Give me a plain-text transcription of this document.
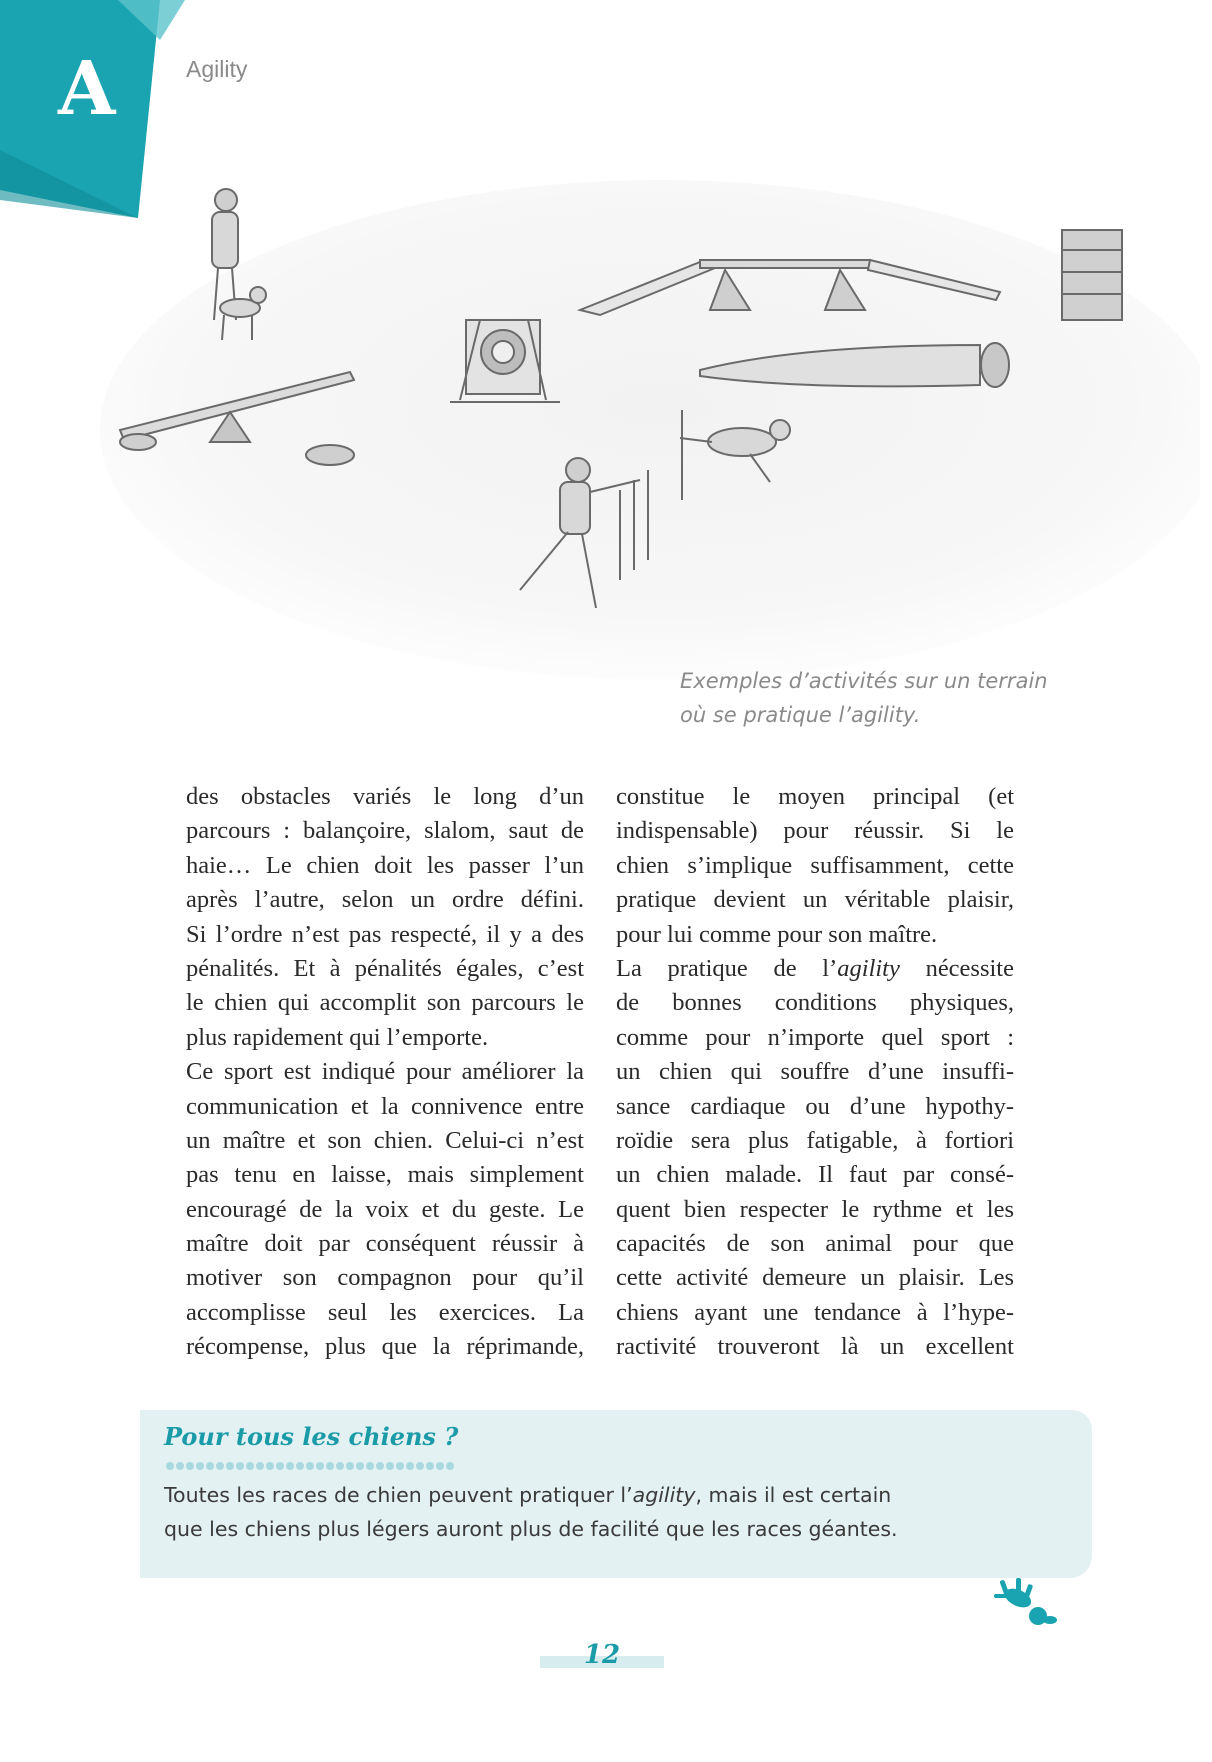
A	Agility
Exemples d’activités sur un terrain
où se pratique l’agility.
des obstacles variés le long d’un
parcours : balançoire, slalom, saut de
haie… Le chien doit les passer l’un
après l’autre, selon un ordre défini.
Si l’ordre n’est pas respecté, il y a des
pénalités. Et à pénalités égales, c’est
le chien qui accomplit son parcours le
plus rapidement qui l’emporte.
Ce sport est indiqué pour améliorer la
communication et la connivence entre
un maître et son chien. Celui-ci n’est
pas tenu en laisse, mais simplement
encouragé de la voix et du geste. Le
maître doit par conséquent réussir à
motiver son compagnon pour qu’il
accomplisse seul les exercices. La
récompense, plus que la réprimande,
constitue le moyen principal (et
indispensable) pour réussir. Si le
chien s’implique suffisamment, cette
pratique devient un véritable plaisir,
pour lui comme pour son maître.
La pratique de l’agility nécessite
de bonnes conditions physiques,
comme pour n’importe quel sport :
un chien qui souffre d’une insuffi-
sance cardiaque ou d’une hypothy-
roïdie sera plus fatigable, à fortiori
un chien malade. Il faut par consé-
quent bien respecter le rythme et les
capacités de son animal pour que
cette activité demeure un plaisir. Les
chiens ayant une tendance à l’hype-
ractivité trouveront là un excellent
Pour tous les chiens ?
Toutes les races de chien peuvent pratiquer l’agility, mais il est certain
que les chiens plus légers auront plus de facilité que les races géantes.
12
